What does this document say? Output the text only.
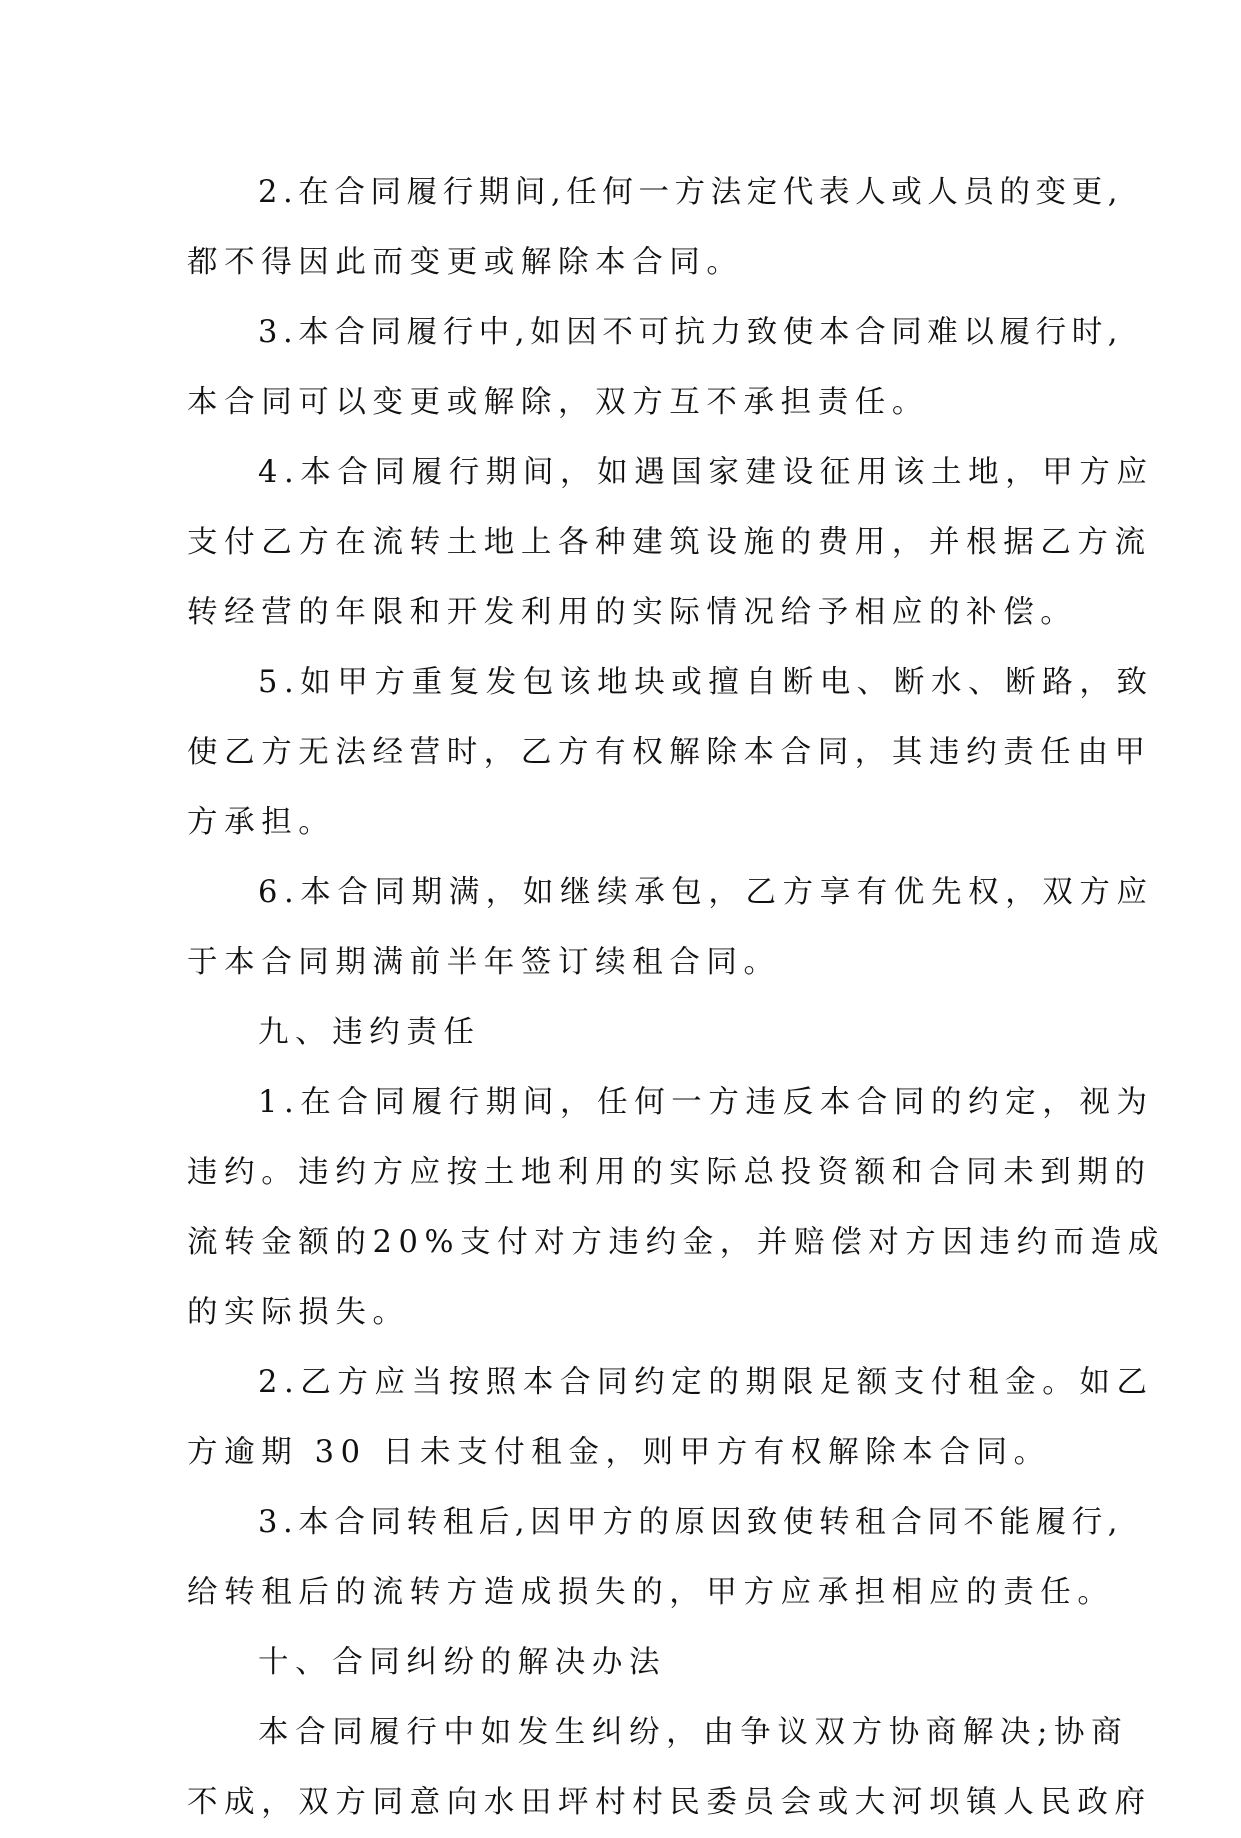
2.在合同履行期间,任何一方法定代表人或人员的变更,
都不得因此而变更或解除本合同。
3.本合同履行中,如因不可抗力致使本合同难以履行时,
本合同可以变更或解除，双方互不承担责任。
4.本合同履行期间，如遇国家建设征用该土地，甲方应
支付乙方在流转土地上各种建筑设施的费用，并根据乙方流
转经营的年限和开发利用的实际情况给予相应的补偿。
5.如甲方重复发包该地块或擅自断电、断水、断路，致
使乙方无法经营时，乙方有权解除本合同，其违约责任由甲
方承担。
6.本合同期满，如继续承包，乙方享有优先权，双方应
于本合同期满前半年签订续租合同。
九、违约责任
1.在合同履行期间，任何一方违反本合同的约定，视为
违约。违约方应按土地利用的实际总投资额和合同未到期的
流转金额的20%支付对方违约金，并赔偿对方因违约而造成
的实际损失。
2.乙方应当按照本合同约定的期限足额支付租金。如乙
方逾期 30 日未支付租金，则甲方有权解除本合同。
3.本合同转租后,因甲方的原因致使转租合同不能履行,
给转租后的流转方造成损失的，甲方应承担相应的责任。
十、合同纠纷的解决办法
本合同履行中如发生纠纷，由争议双方协商解决;协商
不成，双方同意向水田坪村村民委员会或大河坝镇人民政府
